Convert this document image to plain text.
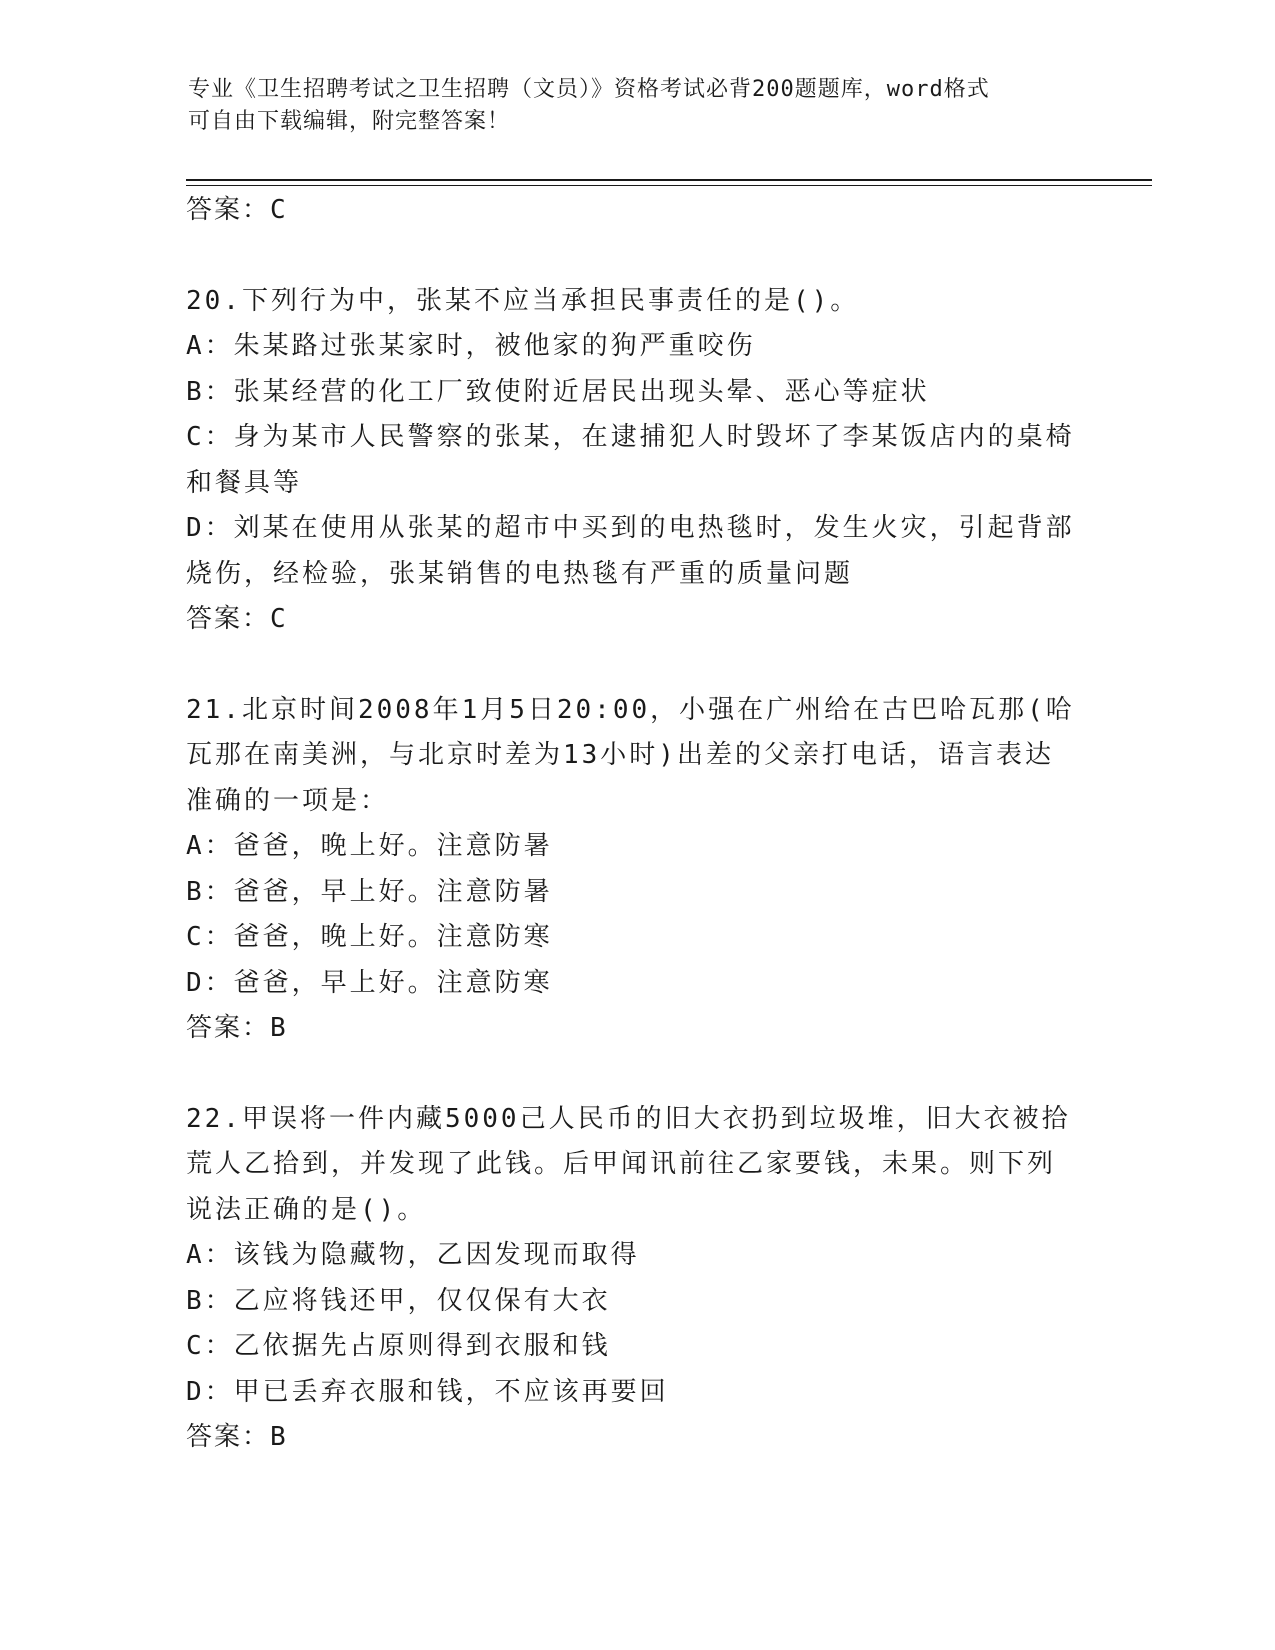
专业《卫生招聘考试之卫生招聘（文员）》资格考试必背200题题库，word格式
可自由下载编辑，附完整答案！
答案：C
20.下列行为中，张某不应当承担民事责任的是()。
A：朱某路过张某家时，被他家的狗严重咬伤
B：张某经营的化工厂致使附近居民出现头晕、恶心等症状
C：身为某市人民警察的张某，在逮捕犯人时毁坏了李某饭店内的桌椅
和餐具等
D：刘某在使用从张某的超市中买到的电热毯时，发生火灾，引起背部
烧伤，经检验，张某销售的电热毯有严重的质量问题
答案：C
21.北京时间2008年1月5日20:00，小强在广州给在古巴哈瓦那(哈
瓦那在南美洲，与北京时差为13小时)出差的父亲打电话，语言表达
准确的一项是：
A：爸爸，晚上好。注意防暑
B：爸爸，早上好。注意防暑
C：爸爸，晚上好。注意防寒
D：爸爸，早上好。注意防寒
答案：B
22.甲误将一件内藏5000己人民币的旧大衣扔到垃圾堆，旧大衣被拾
荒人乙拾到，并发现了此钱。后甲闻讯前往乙家要钱，未果。则下列
说法正确的是()。
A：该钱为隐藏物，乙因发现而取得
B：乙应将钱还甲，仅仅保有大衣
C：乙依据先占原则得到衣服和钱
D：甲已丢弃衣服和钱，不应该再要回
答案：B
